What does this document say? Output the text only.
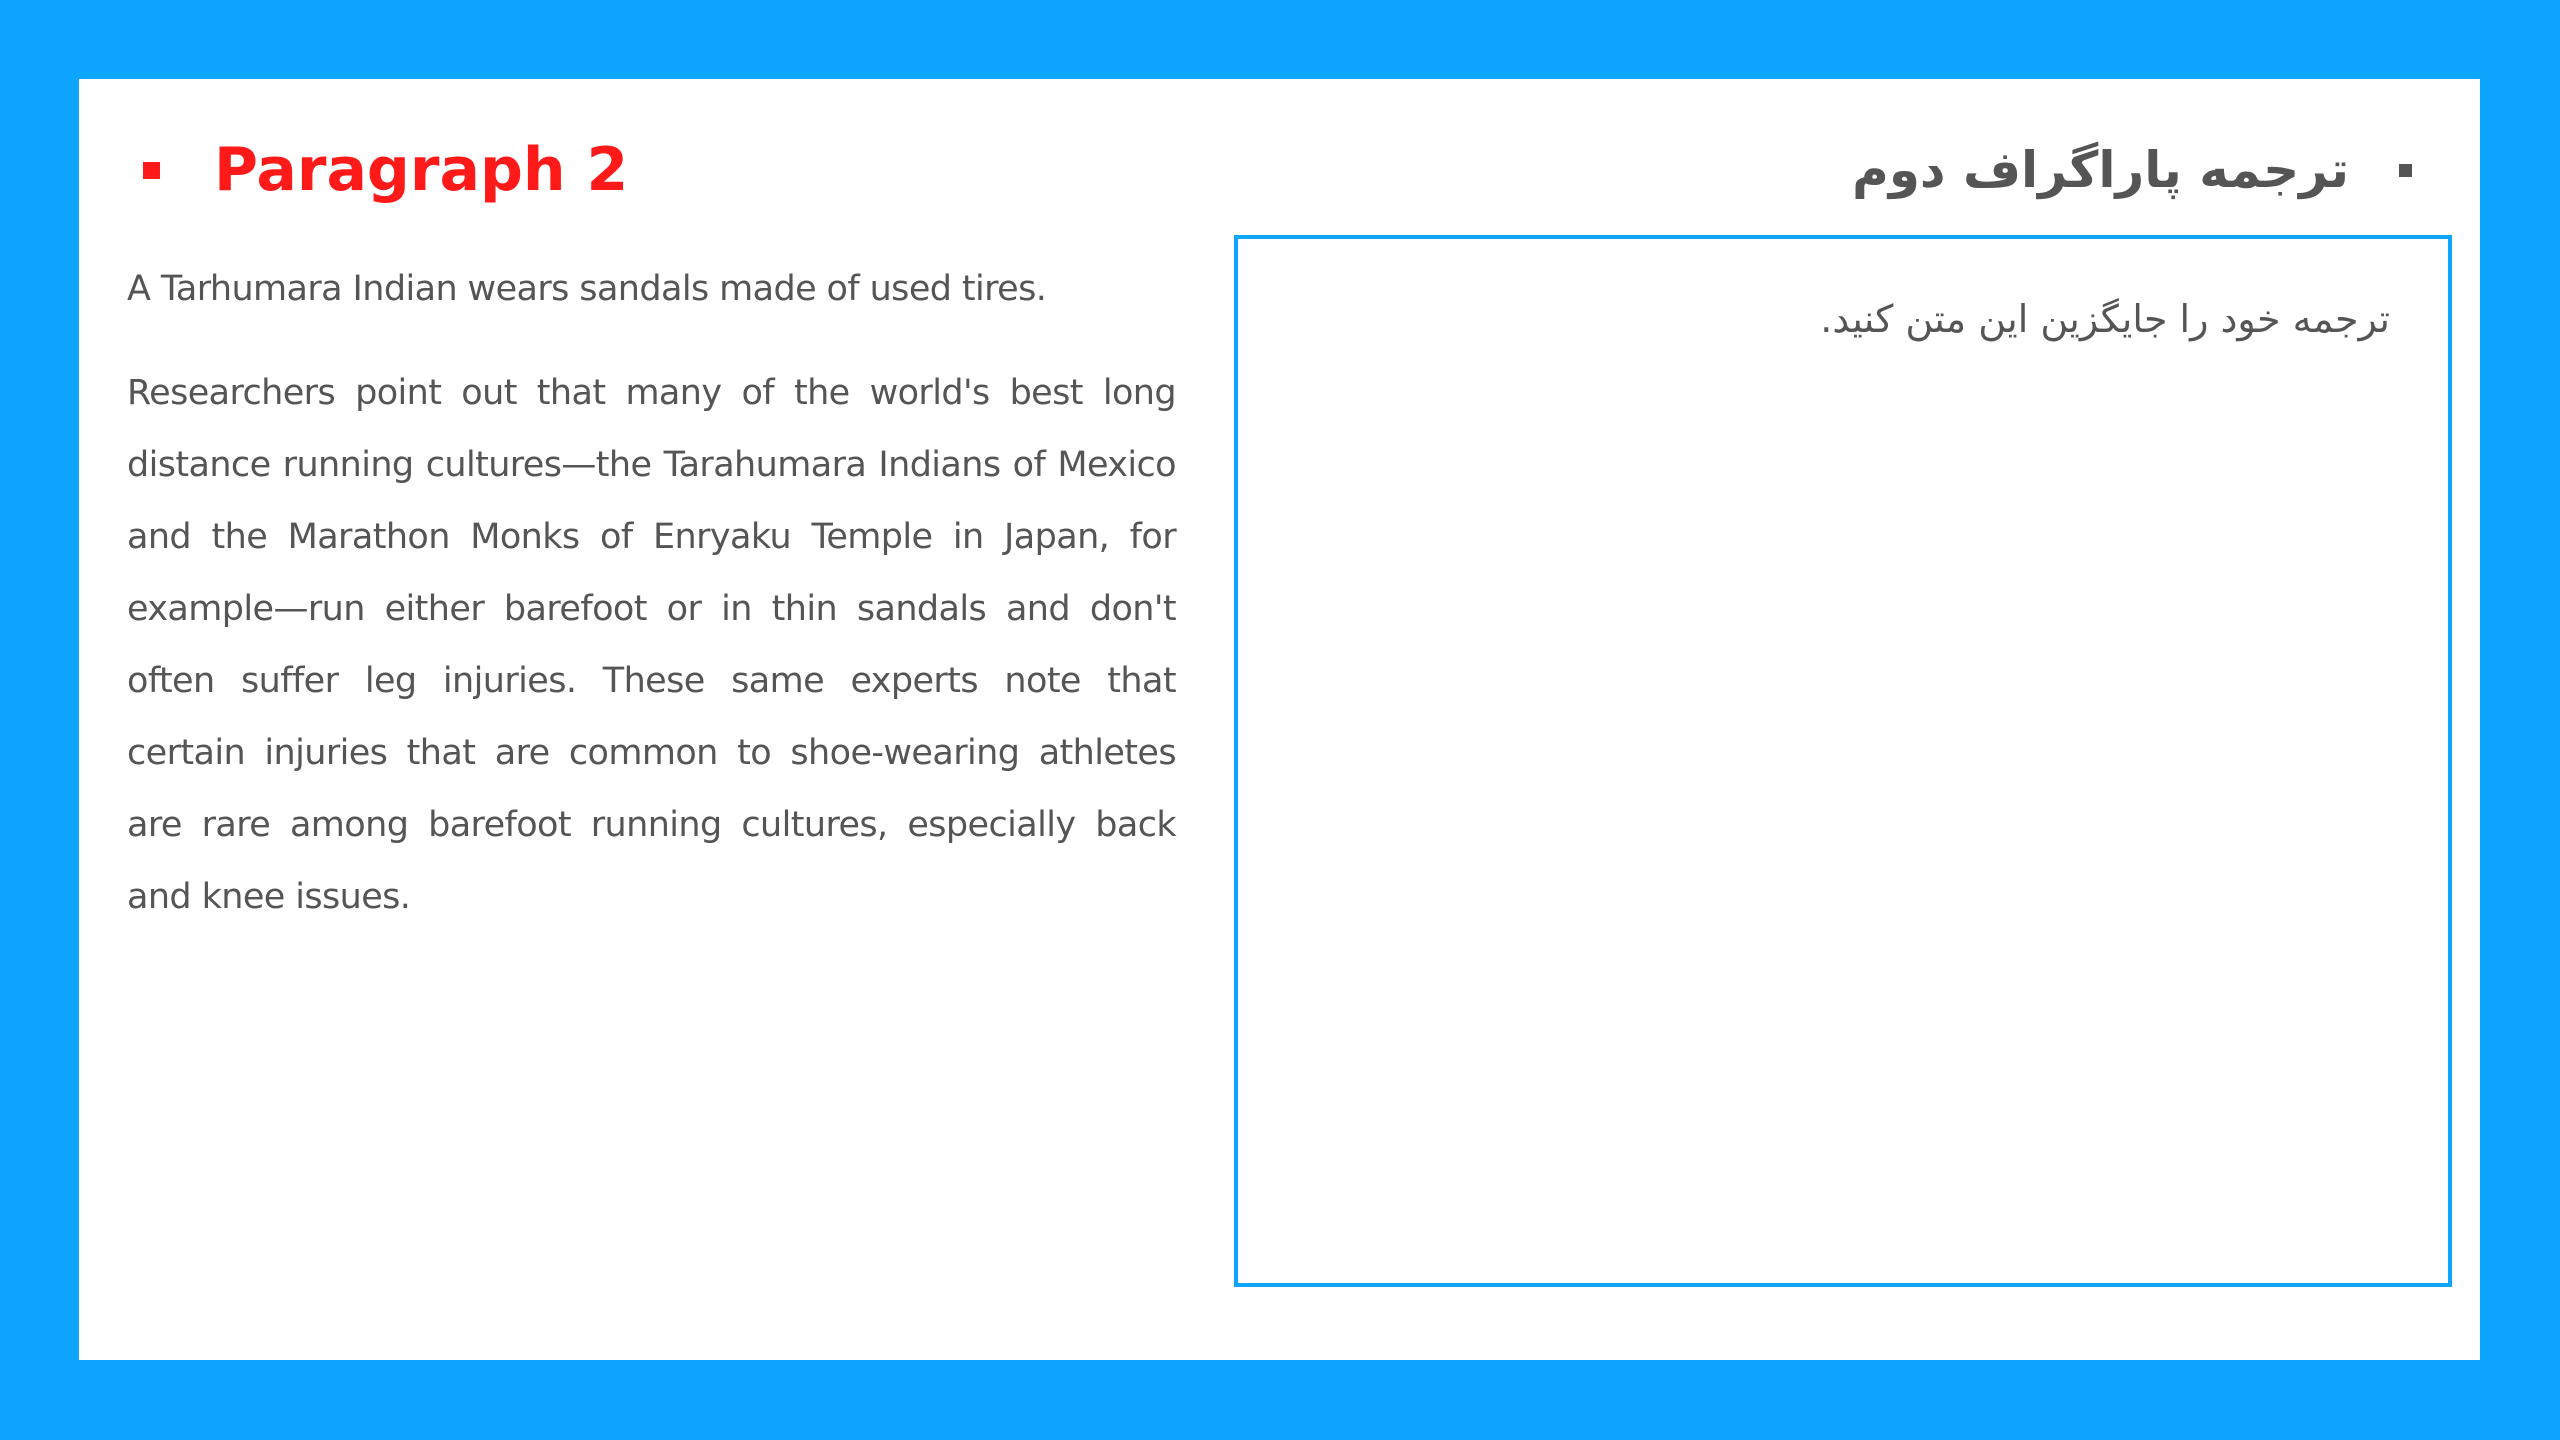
Paragraph 2	ترجمه پاراگراف دوم

A Tarhumara Indian wears sandals made of used tires.

Researchers point out that many of the world's best long distance running cultures—the Tarahumara Indians of Mexico and the Marathon Monks of Enryaku Temple in Japan, for example—run either barefoot or in thin sandals and don't often suffer leg injuries. These same experts note that certain injuries that are common to shoe-wearing athletes are rare among barefoot running cultures, especially back and knee issues.

ترجمه خود را جایگزین این متن کنید.
